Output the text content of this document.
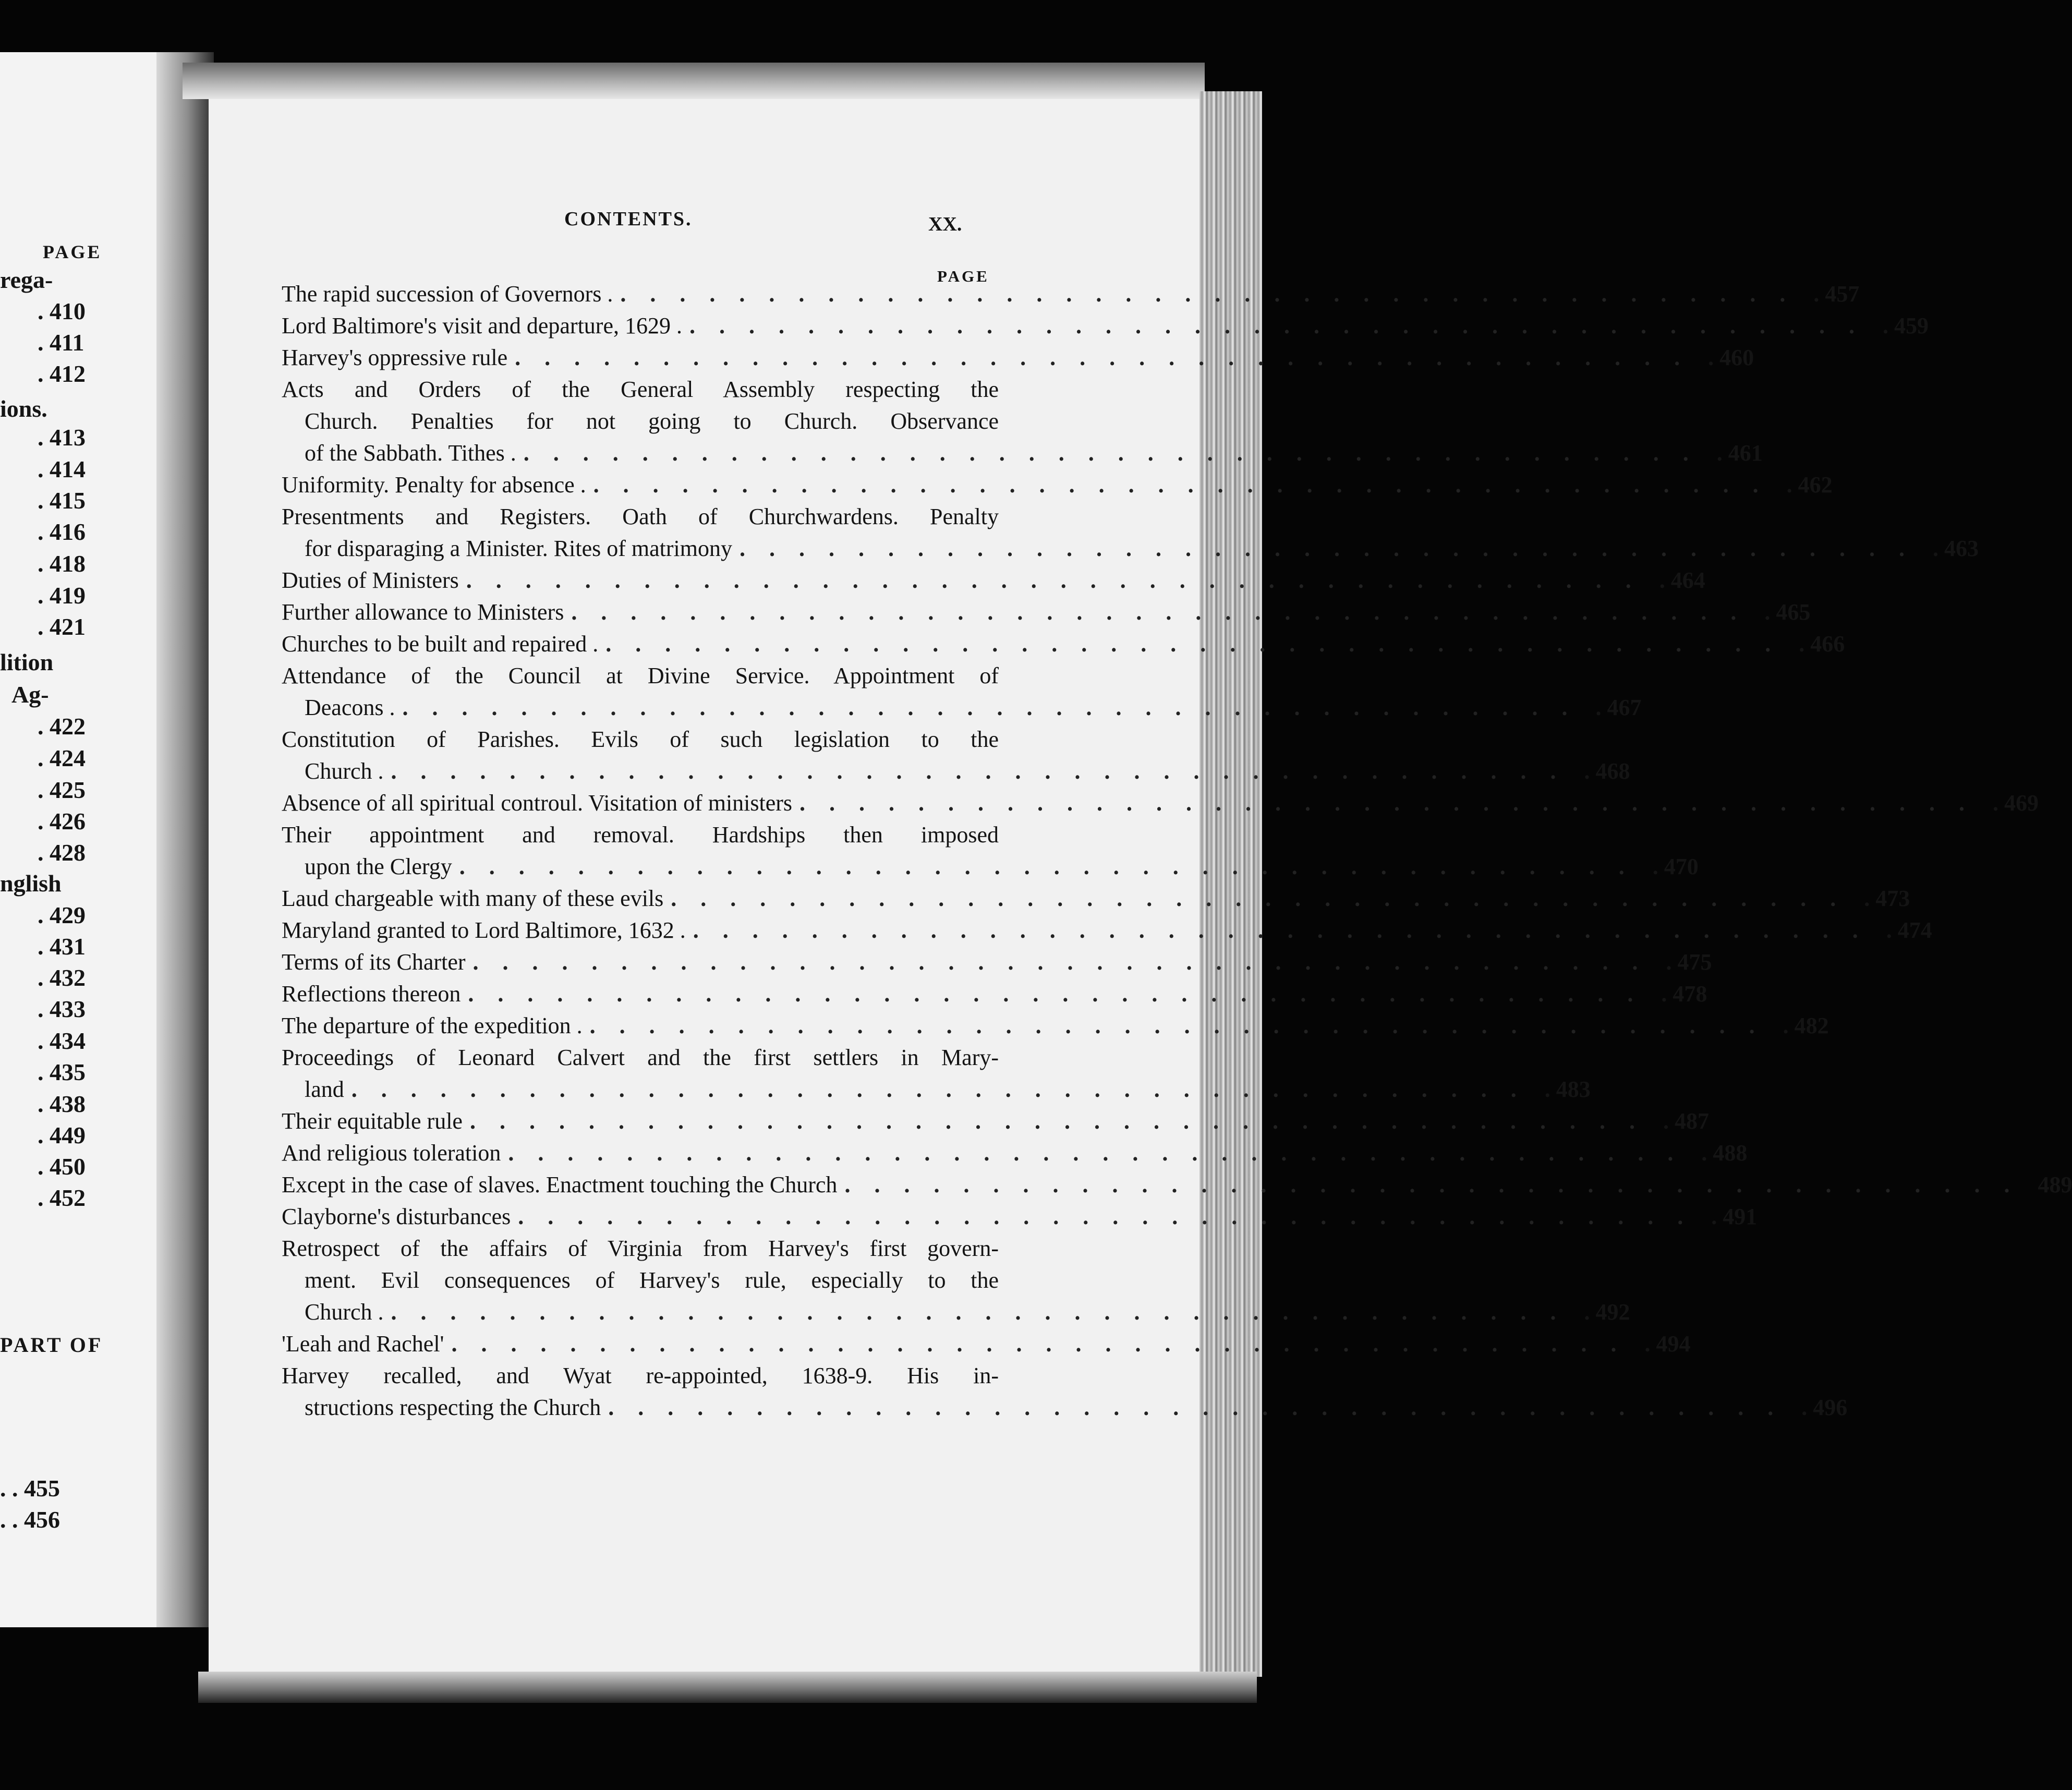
PAGE
rega-
ions.
lition
Ag-
nglish
PART OF
. 410
. 411
. 412
. 413
. 414
. 415
. 416
. 418
. 419
. 421
. 422
. 424
. 425
. 426
. 428
. 429
. 431
. 432
. 433
. 434
. 435
. 438
. 449
. 450
. 452
. . 455
. . 456
CONTENTS.	XX.
PAGE
The rapid succession of Governors . ........................................ . 457
Lord Baltimore's visit and departure, 1629 . ........................................ . 459
Harvey's oppressive rule ........................................ . 460
Acts and Orders of the General Assembly respecting the
Church. Penalties for not going to Church. Observance
of the Sabbath. Tithes . ........................................ . 461
Uniformity. Penalty for absence . ........................................ . 462
Presentments and Registers. Oath of Churchwardens. Penalty
for disparaging a Minister. Rites of matrimony ........................................ . 463
Duties of Ministers ........................................ . 464
Further allowance to Ministers ........................................ . 465
Churches to be built and repaired . ........................................ . 466
Attendance of the Council at Divine Service. Appointment of
Deacons . ........................................ . 467
Constitution of Parishes. Evils of such legislation to the
Church . ........................................ . 468
Absence of all spiritual controul. Visitation of ministers ........................................ . 469
Their appointment and removal. Hardships then imposed
upon the Clergy ........................................ . 470
Laud chargeable with many of these evils ........................................ . 473
Maryland granted to Lord Baltimore, 1632 . ........................................ . 474
Terms of its Charter ........................................ . 475
Reflections thereon ........................................ . 478
The departure of the expedition . ........................................ . 482
Proceedings of Leonard Calvert and the first settlers in Mary-
land ........................................ . 483
Their equitable rule ........................................ . 487
And religious toleration ........................................ . 488
Except in the case of slaves. Enactment touching the Church ........................................ 489
Clayborne's disturbances ........................................ . 491
Retrospect of the affairs of Virginia from Harvey's first govern-
ment. Evil consequences of Harvey's rule, especially to the
Church . ........................................ . 492
'Leah and Rachel' ........................................ . 494
Harvey recalled, and Wyat re-appointed, 1638-9. His in-
structions respecting the Church ........................................ . 496
